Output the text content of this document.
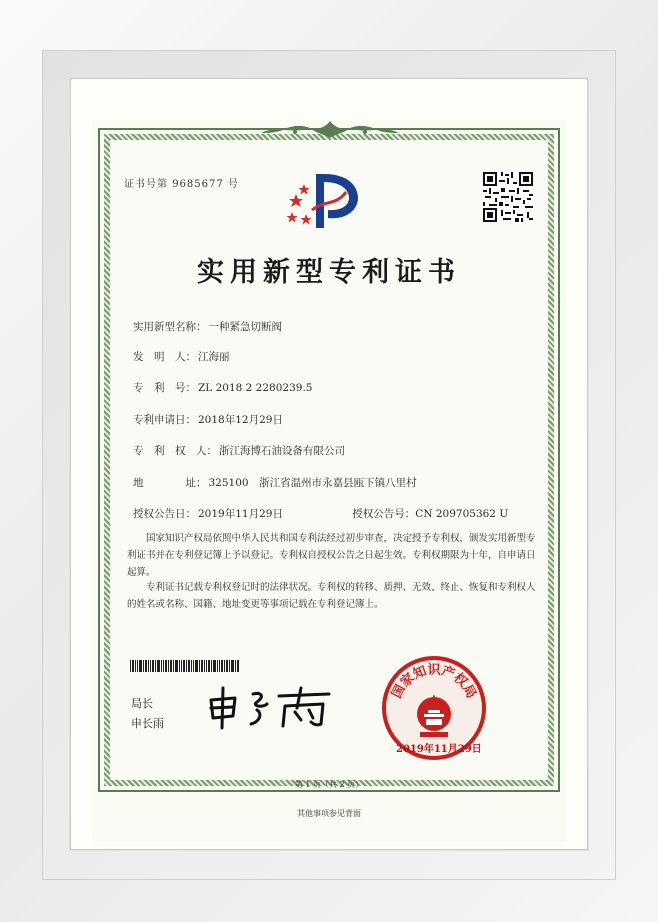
证书号第 9685677 号
实用新型专利证书
实用新型名称： 一种紧急切断阀
发　明　人： 江海丽
专　利　号： ZL 2018 2 2280239.5
专利申请日： 2018年12月29日
专　利　权　人： 浙江海博石油设备有限公司
地　　　　址： 325100　浙江省温州市永嘉县瓯下镇八里村
授权公告日： 2019年11月29日	授权公告号：CN 209705362 U
国家知识产权局依照中华人民共和国专利法经过初步审查，决定授予专利权，颁发实用新型专利证书并在专利登记簿上予以登记。专利权自授权公告之日起生效。专利权期限为十年，自申请日起算。
专利证书记载专利权登记时的法律状况。专利权的转移、质押、无效、终止、恢复和专利权人的姓名或名称、国籍、地址变更等事项记载在专利登记簿上。
局长
申长雨
国家知识产权局
2019年11月29日
第 1 页（共 2 页）
其他事项参见背面
